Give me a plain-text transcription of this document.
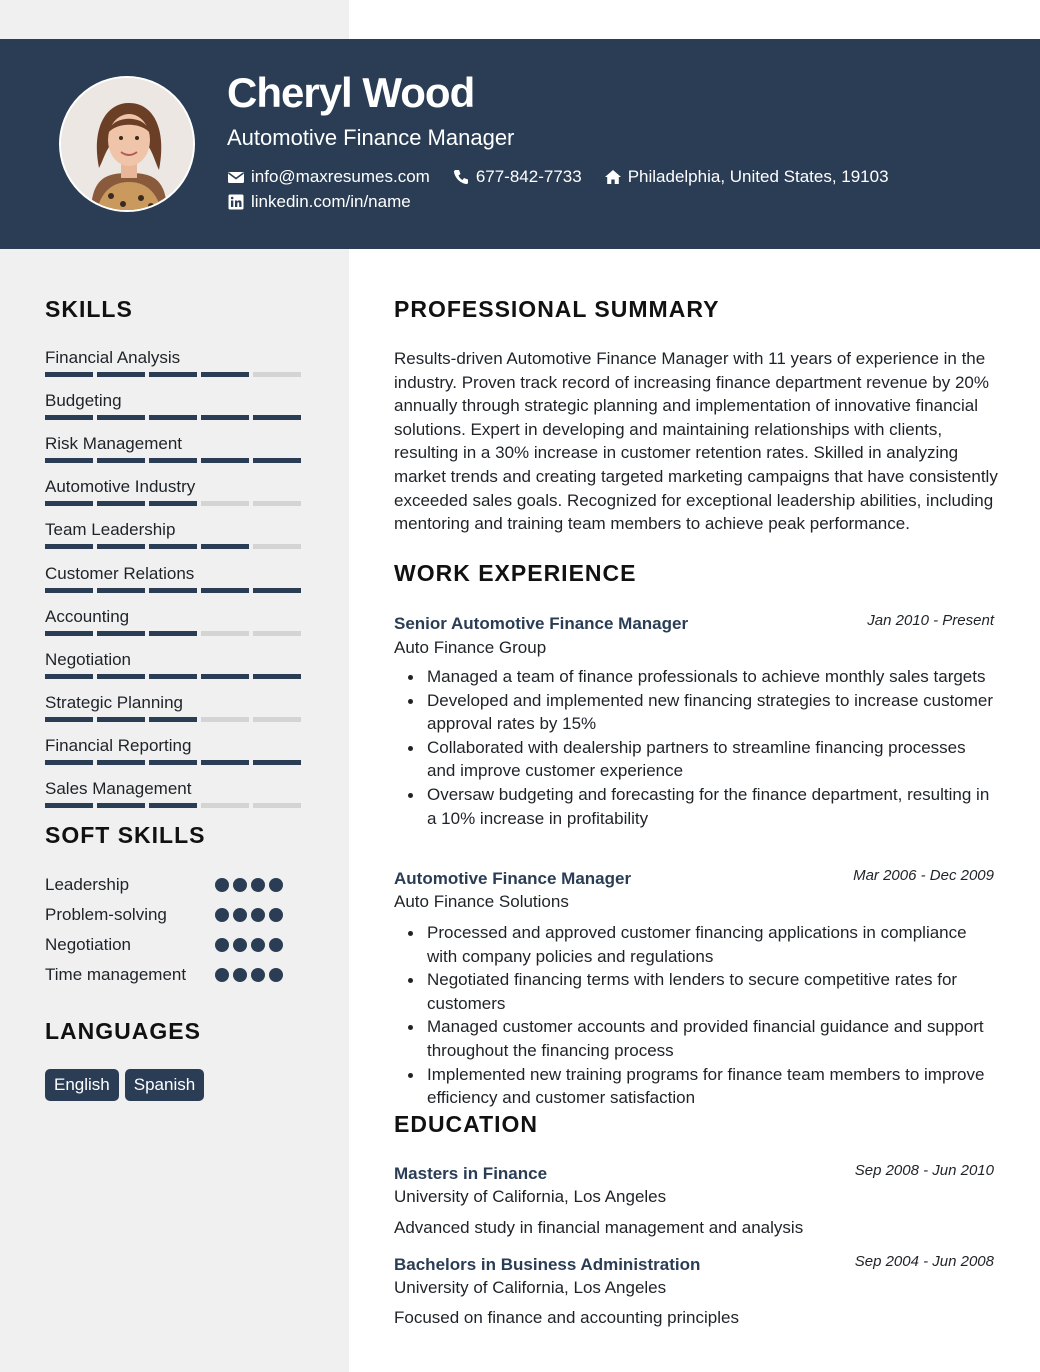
Cheryl Wood
Automotive Finance Manager
info@maxresumes.com	677-842-7733	Philadelphia, United States, 19103
linkedin.com/in/name
SKILLS
Financial Analysis
Budgeting
Risk Management
Automotive Industry
Team Leadership
Customer Relations
Accounting
Negotiation
Strategic Planning
Financial Reporting
Sales Management
SOFT SKILLS
Leadership
Problem-solving
Negotiation
Time management
LANGUAGES
English	Spanish
PROFESSIONAL SUMMARY
Results-driven Automotive Finance Manager with 11 years of experience in the industry. Proven track record of increasing finance department revenue by 20% annually through strategic planning and implementation of innovative financial solutions. Expert in developing and maintaining relationships with clients, resulting in a 30% increase in customer retention rates. Skilled in analyzing market trends and creating targeted marketing campaigns that have consistently exceeded sales goals. Recognized for exceptional leadership abilities, including mentoring and training team members to achieve peak performance.
WORK EXPERIENCE
Senior Automotive Finance Manager	Jan 2010 - Present
Auto Finance Group
Managed a team of finance professionals to achieve monthly sales targets
Developed and implemented new financing strategies to increase customer approval rates by 15%
Collaborated with dealership partners to streamline financing processes and improve customer experience
Oversaw budgeting and forecasting for the finance department, resulting in a 10% increase in profitability
Automotive Finance Manager	Mar 2006 - Dec 2009
Auto Finance Solutions
Processed and approved customer financing applications in compliance with company policies and regulations
Negotiated financing terms with lenders to secure competitive rates for customers
Managed customer accounts and provided financial guidance and support throughout the financing process
Implemented new training programs for finance team members to improve efficiency and customer satisfaction
EDUCATION
Masters in Finance	Sep 2008 - Jun 2010
University of California, Los Angeles
Advanced study in financial management and analysis
Bachelors in Business Administration	Sep 2004 - Jun 2008
University of California, Los Angeles
Focused on finance and accounting principles
